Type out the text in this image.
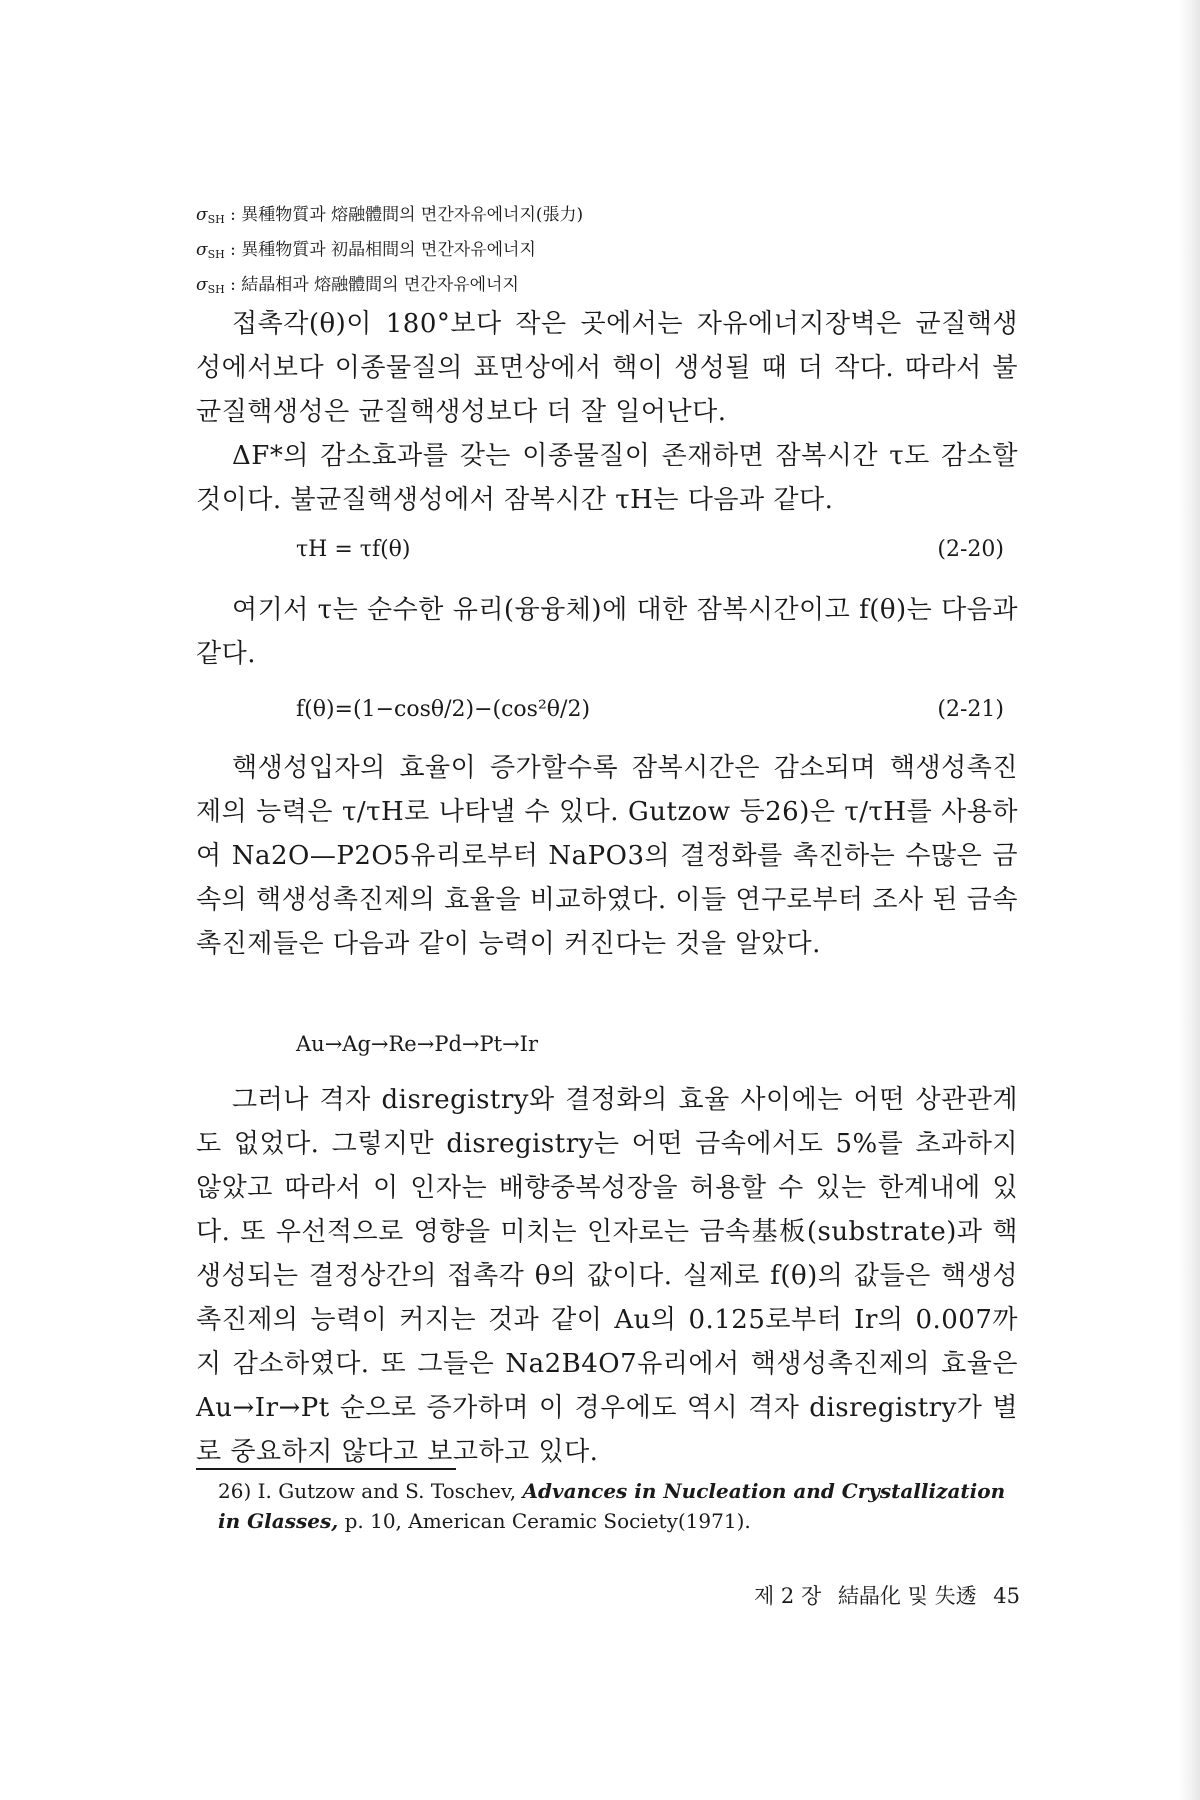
$\sigma_{SH}$ : 異種物質과 熔融體間의 면간자유에너지(張力)
$\sigma_{SH}$ : 異種物質과 初晶相間의 면간자유에너지
$\sigma_{SH}$ : 結晶相과 熔融體間의 면간자유에너지

접촉각(θ)이 180°보다 작은 곳에서는 자유에너지장벽은 균질핵생성에서보다 이종물질의 표면상에서 핵이 생성될 때 더 작다. 따라서 불균질핵생성은 균질핵생성보다 더 잘 일어난다.

ΔF*의 감소효과를 갖는 이종물질이 존재하면 잠복시간 τ도 감소할 것이다. 불균질핵생성에서 잠복시간 τH는 다음과 같다.

τH = τf(θ)	(2-20)

여기서 τ는 순수한 유리(융융체)에 대한 잠복시간이고 f(θ)는 다음과 같다.

f(θ)=(1−cosθ/2)−(cos²θ/2)	(2-21)

핵생성입자의 효율이 증가할수록 잠복시간은 감소되며 핵생성촉진제의 능력은 τ/τH로 나타낼 수 있다. Gutzow 등26)은 τ/τH를 사용하여 Na2O—P2O5유리로부터 NaPO3의 결정화를 촉진하는 수많은 금속의 핵생성촉진제의 효율을 비교하였다. 이들 연구로부터 조사 된 금속촉진제들은 다음과 같이 능력이 커진다는 것을 알았다.

Au→Ag→Re→Pd→Pt→Ir

그러나 격자 disregistry와 결정화의 효율 사이에는 어떤 상관관계도 없었다. 그렇지만 disregistry는 어떤 금속에서도 5%를 초과하지 않았고 따라서 이 인자는 배향중복성장을 허용할 수 있는 한계내에 있다. 또 우선적으로 영향을 미치는 인자로는 금속基板(substrate)과 핵생성되는 결정상간의 접촉각 θ의 값이다. 실제로 f(θ)의 값들은 핵생성촉진제의 능력이 커지는 것과 같이 Au의 0.125로부터 Ir의 0.007까지 감소하였다. 또 그들은 Na2B4O7유리에서 핵생성촉진제의 효율은 Au→Ir→Pt 순으로 증가하며 이 경우에도 역시 격자 disregistry가 별로 중요하지 않다고 보고하고 있다.

26) I. Gutzow and S. Toschev, Advances in Nucleation and Crystallization in Glasses, p. 10, American Ceramic Society(1971).
제 2 장 結晶化 및 失透 45
